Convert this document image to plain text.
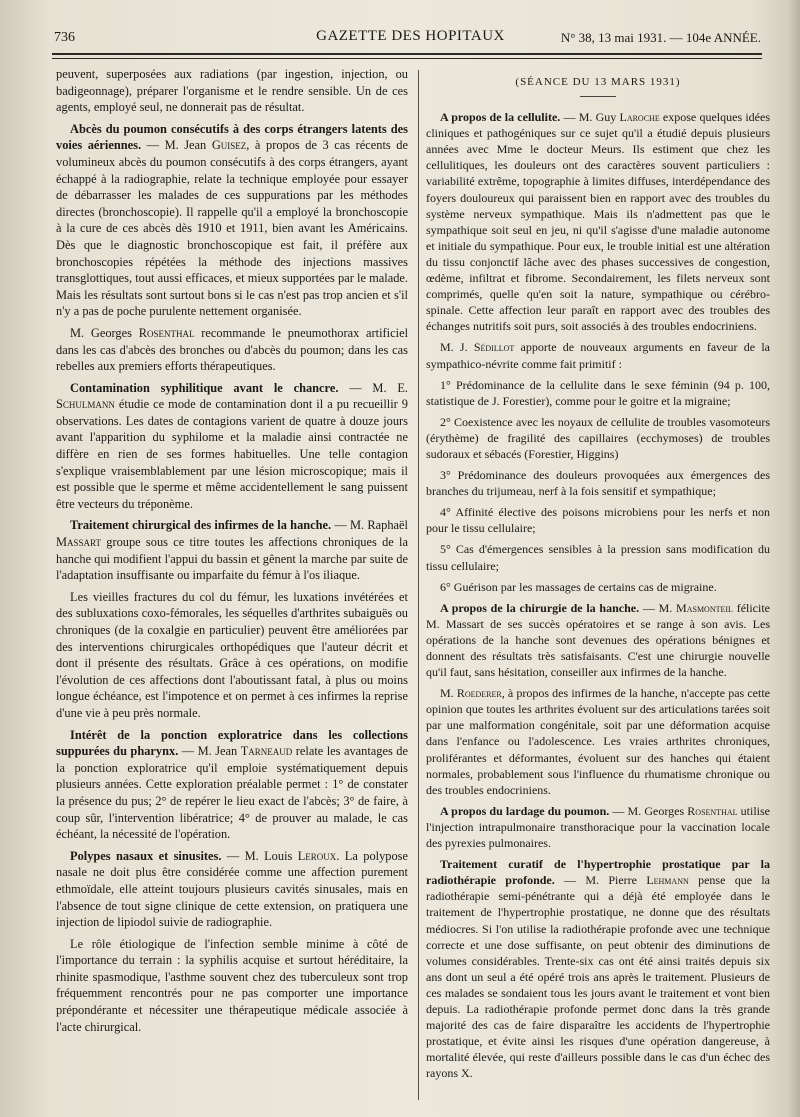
736	GAZETTE DES HOPITAUX	N° 38, 13 mai 1931. — 104e ANNÉE.

peuvent, superposées aux radiations (par ingestion, injection, ou badigeonnage), préparer l'organisme et le rendre sensible. Un de ces agents, employé seul, ne donnerait pas de résultat.

Abcès du poumon consécutifs à des corps étrangers latents des voies aériennes. — M. Jean Guisez, à propos de 3 cas récents de volumineux abcès du poumon consécutifs à des corps étrangers, ayant échappé à la radiographie, relate la technique employée pour essayer de débarrasser les malades de ces suppurations par les méthodes directes (bronchoscopie). Il rappelle qu'il a employé la bronchoscopie à la cure de ces abcès dès 1910 et 1911, bien avant les Américains. Dès que le diagnostic bronchoscopique est fait, il préfère aux bronchoscopies répétées la méthode des injections massives transglottiques, tout aussi efficaces, et mieux supportées par le malade. Mais les résultats sont surtout bons si le cas n'est pas trop ancien et s'il n'y a pas de poche purulente nettement organisée.

M. Georges Rosenthal recommande le pneumothorax artificiel dans les cas d'abcès des bronches ou d'abcès du poumon; dans les cas rebelles aux premiers efforts thérapeutiques.

Contamination syphilitique avant le chancre. — M. E. Schulmann étudie ce mode de contamination dont il a pu recueillir 9 observations. Les dates de contagions varient de quatre à douze jours avant l'apparition du syphilome et la maladie ainsi contractée ne diffère en rien de ses formes habituelles. Une telle contagion s'explique vraisemblablement par une lésion microscopique; mais il est possible que le sperme et même accidentellement le sang puissent être vecteurs du tréponème.

Traitement chirurgical des infirmes de la hanche. — M. Raphaël Massart groupe sous ce titre toutes les affections chroniques de la hanche qui modifient l'appui du bassin et gênent la marche par suite de l'adaptation insuffisante ou imparfaite du fémur à l'os iliaque.

Les vieilles fractures du col du fémur, les luxations invétérées et des subluxations coxo-fémorales, les séquelles d'arthrites subaiguës ou chroniques (de la coxalgie en particulier) peuvent être améliorées par des interventions chirurgicales orthopédiques que l'auteur décrit et dont il présente des résultats. Grâce à ces opérations, on modifie l'évolution de ces affections dont l'aboutissant fatal, à plus ou moins longue échéance, est l'impotence et on permet à ces infirmes la reprise d'une vie à peu près normale.

Intérêt de la ponction exploratrice dans les collections suppurées du pharynx. — M. Jean Tarneaud relate les avantages de la ponction exploratrice qu'il emploie systématiquement depuis plusieurs années. Cette exploration préalable permet : 1° de constater la présence du pus; 2° de repérer le lieu exact de l'abcès; 3° de faire, à coup sûr, l'intervention libératrice; 4° de prouver au malade, le cas échéant, la nécessité de l'opération.

Polypes nasaux et sinusites. — M. Louis Leroux. La polypose nasale ne doit plus être considérée comme une affection purement ethmoïdale, elle atteint toujours plusieurs cavités sinusales, mais en l'absence de tout signe clinique de cette extension, on pratiquera une injection de lipiodol suivie de radiographie.

Le rôle étiologique de l'infection semble minime à côté de l'importance du terrain : la syphilis acquise et surtout héréditaire, la rhinite spasmodique, l'asthme souvent chez des tuberculeux sont trop fréquemment rencontrés pour ne pas comporter une importance prépondérante et nécessiter une thérapeutique médicale associée à l'acte chirurgical.

(SÉANCE DU 13 MARS 1931)

A propos de la cellulite. — M. Guy Laroche expose quelques idées cliniques et pathogéniques sur ce sujet qu'il a étudié depuis plusieurs années avec Mme le docteur Meurs. Ils estiment que chez les cellulitiques, les douleurs ont des caractères souvent particuliers : variabilité extrême, topographie à limites diffuses, interdépendance des foyers douloureux qui paraissent bien en rapport avec des troubles du système nerveux sympathique. Mais ils n'admettent pas que le sympathique soit seul en jeu, ni qu'il s'agisse d'une maladie autonome et initiale du sympathique. Pour eux, le trouble initial est une altération du tissu conjonctif lâche avec des phases successives de congestion, œdème, infiltrat et fibrome. Secondairement, les filets nerveux sont comprimés, quelle qu'en soit la nature, sympathique ou cérébro-spinale. Cette affection leur paraît en rapport avec des troubles des échanges nutritifs soit purs, soit associés à des troubles endocriniens.

M. J. Sédillot apporte de nouveaux arguments en faveur de la sympathico-névrite comme fait primitif :

1° Prédominance de la cellulite dans le sexe féminin (94 p. 100, statistique de J. Forestier), comme pour le goitre et la migraine;

2° Coexistence avec les noyaux de cellulite de troubles vasomoteurs (érythème) de fragilité des capillaires (ecchymoses) de troubles sudoraux et sébacés (Forestier, Higgins)

3° Prédominance des douleurs provoquées aux émergences des branches du trijumeau, nerf à la fois sensitif et sympathique;

4° Affinité élective des poisons microbiens pour les nerfs et non pour le tissu cellulaire;

5° Cas d'émergences sensibles à la pression sans modification du tissu cellulaire;

6° Guérison par les massages de certains cas de migraine.

A propos de la chirurgie de la hanche. — M. Masmonteil félicite M. Massart de ses succès opératoires et se range à son avis. Les opérations de la hanche sont devenues des opérations bénignes et donnent des résultats très satisfaisants. C'est une chirurgie nouvelle qu'il faut, sans hésitation, conseiller aux infirmes de la hanche.

M. Roederer, à propos des infirmes de la hanche, n'accepte pas cette opinion que toutes les arthrites évoluent sur des articulations tarées soit par une malformation congénitale, soit par une déformation acquise dans l'enfance ou l'adolescence. Les vraies arthrites chroniques, proliférantes et déformantes, évoluent sur des hanches qui étaient normales, probablement sous l'influence du rhumatisme chronique ou des troubles endocriniens.

A propos du lardage du poumon. — M. Georges Rosenthal utilise l'injection intrapulmonaire transthoracique pour la vaccination locale des pyrexies pulmonaires.

Traitement curatif de l'hypertrophie prostatique par la radiothérapie profonde. — M. Pierre Lehmann pense que la radiothérapie semi-pénétrante qui a déjà été employée dans le traitement de l'hypertrophie prostatique, ne donne que des résultats médiocres. Si l'on utilise la radiothérapie profonde avec une technique correcte et une dose suffisante, on peut obtenir des diminutions de volumes considérables. Trente-six cas ont été ainsi traités depuis six ans dont un seul a été opéré trois ans après le traitement. Plusieurs de ces malades se sondaient tous les jours avant le traitement et vont bien depuis. La radiothérapie profonde permet donc dans la très grande majorité des cas de faire disparaître les accidents de l'hypertrophie prostatique, et évite ainsi les risques d'une opération dangereuse, à mortalité élevée, qui reste d'ailleurs possible dans le cas d'un échec des rayons X.
